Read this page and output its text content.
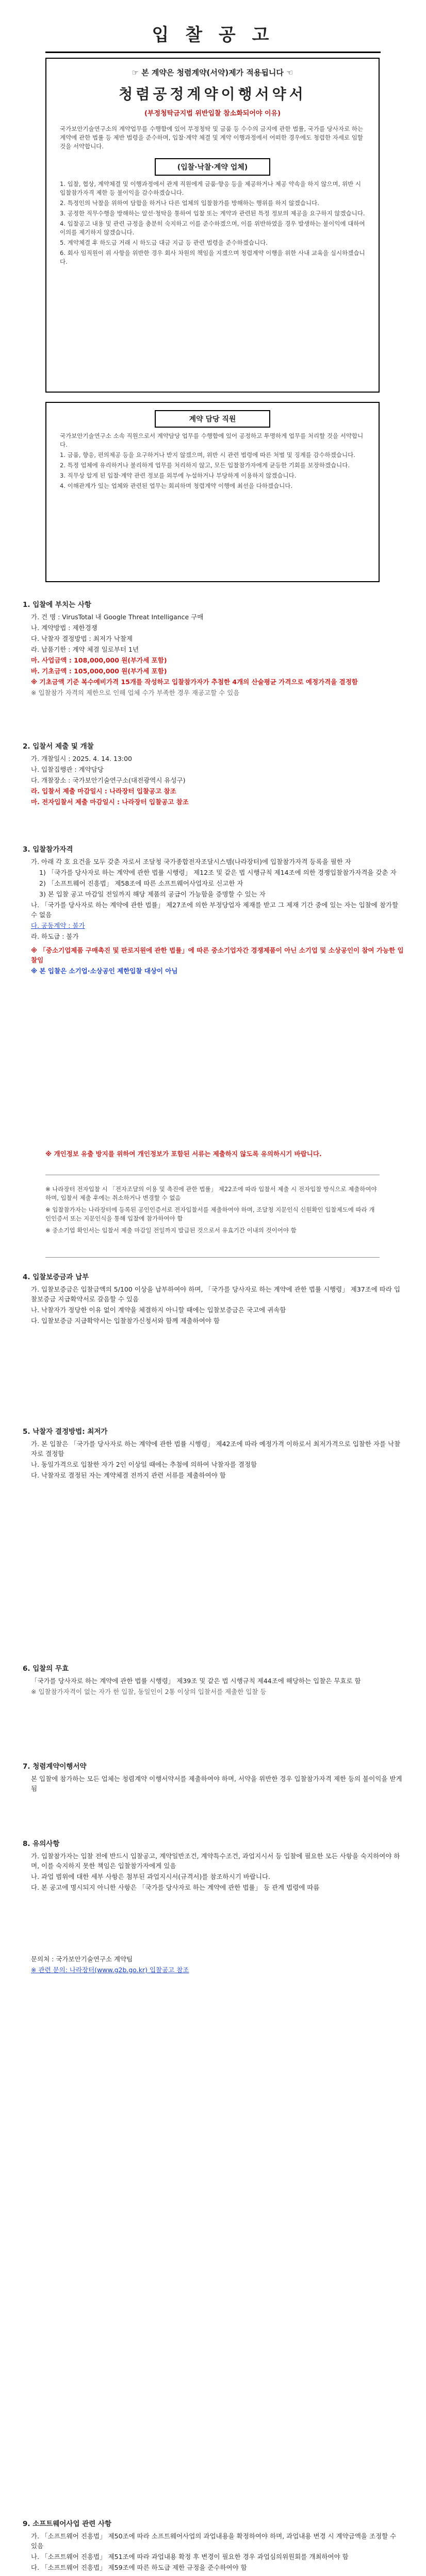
입 찰 공 고
☞ 본 계약은 청렴계약(서약)제가 적용됩니다 ☜
청렴공정계약이행서약서
(부정청탁금지법 위반입찰 참소화되어야 이유)
국가보안기술연구소의 계약업무를 수행함에 있어 부정청탁 및 금품 등 수수의 금지에 관한 법률, 국가를 당사자로 하는 계약에 관한 법률 등 제반 법령을 준수하며, 입찰·계약 체결 및 계약 이행과정에서 어떠한 경우에도 청렴한 자세로 임할 것을 서약합니다.
(입찰·낙찰·계약 업체)

1. 입찰, 협상, 계약체결 및 이행과정에서 관계 직원에게 금품·향응 등을 제공하거나 제공 약속을 하지 않으며, 위반 시 입찰참가자격 제한 등 불이익을 감수하겠습니다.

2. 특정인의 낙찰을 위하여 담합을 하거나 다른 업체의 입찰참가를 방해하는 행위를 하지 않겠습니다.

3. 공정한 직무수행을 방해하는 알선·청탁을 통하여 입찰 또는 계약과 관련된 특정 정보의 제공을 요구하지 않겠습니다.

4. 입찰공고 내용 및 관련 규정을 충분히 숙지하고 이를 준수하겠으며, 이를 위반하였을 경우 발생하는 불이익에 대하여 이의를 제기하지 않겠습니다.

5. 계약체결 후 하도급 거래 시 하도급 대금 지급 등 관련 법령을 준수하겠습니다.

6. 회사 임직원이 위 사항을 위반한 경우 회사 차원의 책임을 지겠으며 청렴계약 이행을 위한 사내 교육을 실시하겠습니다.

계약 담당 직원

국가보안기술연구소 소속 직원으로서 계약담당 업무를 수행함에 있어 공정하고 투명하게 업무를 처리할 것을 서약합니다.

1. 금품, 향응, 편의제공 등을 요구하거나 받지 않겠으며, 위반 시 관련 법령에 따른 처벌 및 징계를 감수하겠습니다.

2. 특정 업체에 유리하거나 불리하게 업무를 처리하지 않고, 모든 입찰참가자에게 균등한 기회를 보장하겠습니다.

3. 직무상 알게 된 입찰·계약 관련 정보를 외부에 누설하거나 부당하게 이용하지 않겠습니다.

4. 이해관계가 있는 업체와 관련된 업무는 회피하며 청렴계약 이행에 최선을 다하겠습니다.

1. 입찰에 부치는 사항

가. 건 명 : VirusTotal 내 Google Threat Intelligance 구매

나. 계약방법 : 제한경쟁

다. 낙찰자 결정방법 : 최저가 낙찰제

라. 납품기한 : 계약 체결 일로부터 1년

마. 사업금액 : 108,000,000 원(부가세 포함)

바. 기초금액 : 105,000,000 원(부가세 포함)

※ 기초금액 기준 복수예비가격 15개를 작성하고 입찰참가자가 추첨한 4개의 산술평균 가격으로 예정가격을 결정함

※ 입찰참가 자격의 제한으로 인해 업체 수가 부족한 경우 재공고할 수 있음

2. 입찰서 제출 및 개찰

가. 개찰일시 : 2025. 4. 14. 13:00

나. 입찰집행관 : 계약담당

다. 개찰장소 : 국가보안기술연구소(대전광역시 유성구)

라. 입찰서 제출 마감일시 : 나라장터 입찰공고 참조

마. 전자입찰서 제출 마감일시 : 나라장터 입찰공고 참조

3. 입찰참가자격

가. 아래 각 호 요건을 모두 갖춘 자로서 조달청 국가종합전자조달시스템(나라장터)에 입찰참가자격 등록을 필한 자

1) 「국가를 당사자로 하는 계약에 관한 법률 시행령」 제12조 및 같은 법 시행규칙 제14조에 의한 경쟁입찰참가자격을 갖춘 자

2) 「소프트웨어 진흥법」 제58조에 따른 소프트웨어사업자로 신고한 자

3) 본 입찰 공고 마감일 전일까지 해당 제품의 공급이 가능함을 증명할 수 있는 자

나. 「국가를 당사자로 하는 계약에 관한 법률」 제27조에 의한 부정당업자 제재를 받고 그 제재 기간 중에 있는 자는 입찰에 참가할 수 없음

다. 공동계약 : 불가

라. 하도급 : 불가

※ 「중소기업제품 구매촉진 및 판로지원에 관한 법률」에 따른 중소기업자간 경쟁제품이 아닌 소기업 및 소상공인이 참여 가능한 입찰임

※ 본 입찰은 소기업·소상공인 제한입찰 대상이 아님

※ 개인정보 유출 방지를 위하여 개인정보가 포함된 서류는 제출하지 않도록 유의하시기 바랍니다.

※ 나라장터 전자입찰 시 「전자조달의 이용 및 촉진에 관한 법률」 제22조에 따라 입찰서 제출 시 전자입찰 방식으로 제출하여야 하며, 입찰서 제출 후에는 취소하거나 변경할 수 없음

※ 입찰참가자는 나라장터에 등록된 공인인증서로 전자입찰서를 제출하여야 하며, 조달청 지문인식 신원확인 입찰제도에 따라 개인인증서 또는 지문인식을 통해 입찰에 참가하여야 함

※ 중소기업 확인서는 입찰서 제출 마감일 전일까지 발급된 것으로서 유효기간 이내의 것이어야 함

4. 입찰보증금과 납부

가. 입찰보증금은 입찰금액의 5/100 이상을 납부하여야 하며, 「국가를 당사자로 하는 계약에 관한 법률 시행령」 제37조에 따라 입찰보증금 지급확약서로 갈음할 수 있음

나. 낙찰자가 정당한 이유 없이 계약을 체결하지 아니할 때에는 입찰보증금은 국고에 귀속함

다. 입찰보증금 지급확약서는 입찰참가신청서와 함께 제출하여야 함

5. 낙찰자 결정방법: 최저가

가. 본 입찰은 「국가를 당사자로 하는 계약에 관한 법률 시행령」 제42조에 따라 예정가격 이하로서 최저가격으로 입찰한 자를 낙찰자로 결정함

나. 동일가격으로 입찰한 자가 2인 이상일 때에는 추첨에 의하여 낙찰자를 결정함

다. 낙찰자로 결정된 자는 계약체결 전까지 관련 서류를 제출하여야 함

6. 입찰의 무효

「국가를 당사자로 하는 계약에 관한 법률 시행령」 제39조 및 같은 법 시행규칙 제44조에 해당하는 입찰은 무효로 함

※ 입찰참가자격이 없는 자가 한 입찰, 동일인이 2통 이상의 입찰서를 제출한 입찰 등

7. 청렴계약이행서약

본 입찰에 참가하는 모든 업체는 청렴계약 이행서약서를 제출하여야 하며, 서약을 위반한 경우 입찰참가자격 제한 등의 불이익을 받게 됨

8. 유의사항

가. 입찰참가자는 입찰 전에 반드시 입찰공고, 계약일반조건, 계약특수조건, 과업지시서 등 입찰에 필요한 모든 사항을 숙지하여야 하며, 이를 숙지하지 못한 책임은 입찰참가자에게 있음

나. 과업 범위에 대한 세부 사항은 첨부된 과업지시서(규격서)를 참조하시기 바랍니다.

다. 본 공고에 명시되지 아니한 사항은 「국가를 당사자로 하는 계약에 관한 법률」 등 관계 법령에 따름

문의처 : 국가보안기술연구소 계약팀

※ 관련 문의: 나라장터(www.g2b.go.kr) 입찰공고 참조

9. 소프트웨어사업 관련 사항

가. 「소프트웨어 진흥법」 제50조에 따라 소프트웨어사업의 과업내용을 확정하여야 하며, 과업내용 변경 시 계약금액을 조정할 수 있음

나. 「소프트웨어 진흥법」 제51조에 따라 과업내용 확정 후 변경이 필요한 경우 과업심의위원회를 개최하여야 함

다. 「소프트웨어 진흥법」 제59조에 따른 하도급 제한 규정을 준수하여야 함
